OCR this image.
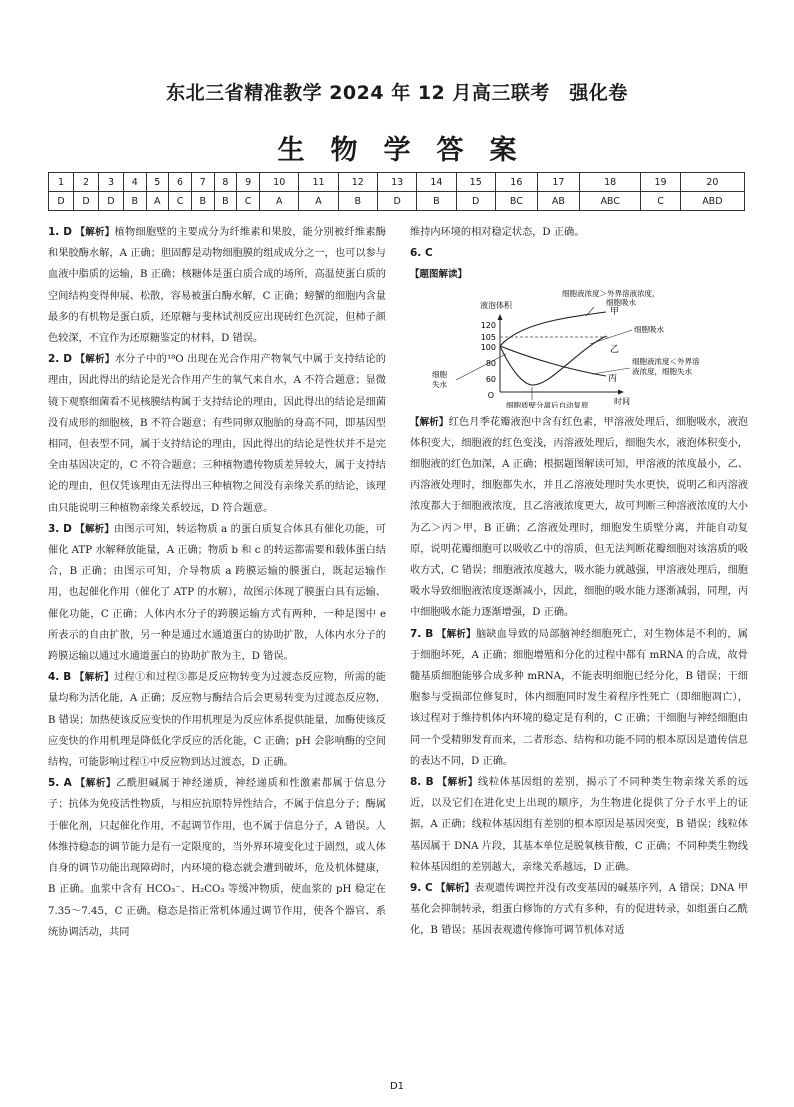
东北三省精准教学 2024 年 12 月高三联考　强化卷
生物学答案
1	2	3	4	5	6	7	8	9	10	11	12	13	14	15	16	17	18	19	20
D	D	D	B	A	C	B	B	C	A	A	B	D	B	D	BC	AB	ABC	C	ABD

1. D 【解析】植物细胞壁的主要成分为纤维素和果胶，能分别被纤维素酶和果胶酶水解，A 正确；胆固醇是动物细胞膜的组成成分之一，也可以参与血液中脂质的运输，B 正确；核糖体是蛋白质合成的场所，高温使蛋白质的空间结构变得伸展、松散，容易被蛋白酶水解，C 正确；螃蟹的细胞内含量最多的有机物是蛋白质，还原糖与斐林试剂反应出现砖红色沉淀，但柿子颜色较深，不宜作为还原糖鉴定的材料，D 错误。

2. D 【解析】水分子中的¹⁸O 出现在光合作用产物氧气中属于支持结论的理由，因此得出的结论是光合作用产生的氧气来自水，A 不符合题意；显微镜下观察细菌看不见核膜结构属于支持结论的理由，因此得出的结论是细菌没有成形的细胞核，B 不符合题意；有些同卵双胞胎的身高不同，即基因型相同，但表型不同，属于支持结论的理由，因此得出的结论是性状并不是完全由基因决定的，C 不符合题意；三种植物遗传物质差异较大，属于支持结论的理由，但仅凭该理由无法得出三种植物之间没有亲缘关系的结论，该理由只能说明三种植物亲缘关系较远，D 符合题意。

3. D 【解析】由图示可知，转运物质 a 的蛋白质复合体具有催化功能，可催化 ATP 水解释放能量，A 正确；物质 b 和 c 的转运都需要和载体蛋白结合，B 正确；由图示可知，介导物质 a 跨膜运输的膜蛋白，既起运输作用，也起催化作用（催化了 ATP 的水解），故图示体现了膜蛋白具有运输、催化功能，C 正确；人体内水分子的跨膜运输方式有两种，一种是图中 e 所表示的自由扩散，另一种是通过水通道蛋白的协助扩散，人体内水分子的跨膜运输以通过水通道蛋白的协助扩散为主，D 错误。

4. B 【解析】过程①和过程③都是反应物转变为过渡态反应物，所需的能量均称为活化能，A 正确；反应物与酶结合后会更易转变为过渡态反应物，B 错误；加热使该反应变快的作用机理是为反应体系提供能量，加酶使该反应变快的作用机理是降低化学反应的活化能，C 正确；pH 会影响酶的空间结构，可能影响过程①中反应物到达过渡态，D 正确。

5. A 【解析】乙酰胆碱属于神经递质，神经递质和性激素都属于信息分子；抗体为免疫活性物质，与相应抗原特异性结合，不属于信息分子；酶属于催化剂，只起催化作用，不起调节作用，也不属于信息分子，A 错误。人体维持稳态的调节能力是有一定限度的，当外界环境变化过于剧烈，或人体自身的调节功能出现障碍时，内环境的稳态就会遭到破坏，危及机体健康，B 正确。血浆中含有 HCO₃⁻、H₂CO₃ 等缓冲物质，使血浆的 pH 稳定在 7.35～7.45，C 正确。稳态是指正常机体通过调节作用，使各个器官、系统协调活动，共同

维持内环境的相对稳定状态，D 正确。

6. C

【题图解读】

O
液泡体积
时间
120
105
100
80
60
甲
乙
丙
细胞液浓度＞外界溶液浓度，
细胞吸水
细胞吸水
细胞液浓度＜外界溶
液浓度，细胞失水
细胞
失水
细胞质壁分离后自动复原

【解析】红色月季花瓣液泡中含有红色素，甲溶液处理后，细胞吸水，液泡体积变大，细胞液的红色变浅，丙溶液处理后，细胞失水，液泡体积变小，细胞液的红色加深，A 正确；根据题图解读可知，甲溶液的浓度最小，乙、丙溶液处理时，细胞都失水，并且乙溶液处理时失水更快，说明乙和丙溶液浓度都大于细胞液浓度，且乙溶液浓度更大，故可判断三种溶液浓度的大小为乙＞丙＞甲，B 正确；乙溶液处理时，细胞发生质壁分离，并能自动复原，说明花瓣细胞可以吸收乙中的溶质，但无法判断花瓣细胞对该溶质的吸收方式，C 错误；细胞液浓度越大，吸水能力就越强，甲溶液处理后，细胞吸水导致细胞液浓度逐渐减小，因此，细胞的吸水能力逐渐减弱，同理，丙中细胞吸水能力逐渐增强，D 正确。

7. B 【解析】脑缺血导致的局部脑神经细胞死亡，对生物体是不利的，属于细胞坏死，A 正确；细胞增殖和分化的过程中都有 mRNA 的合成，故骨髓基质细胞能够合成多种 mRNA，不能表明细胞已经分化，B 错误；干细胞参与受损部位修复时，体内细胞同时发生着程序性死亡（即细胞凋亡），该过程对于维持机体内环境的稳定是有利的，C 正确；干细胞与神经细胞由同一个受精卵发育而来，二者形态、结构和功能不同的根本原因是遗传信息的表达不同，D 正确。

8. B 【解析】线粒体基因组的差别，揭示了不同种类生物亲缘关系的远近，以及它们在进化史上出现的顺序，为生物进化提供了分子水平上的证据，A 正确；线粒体基因组有差别的根本原因是基因突变，B 错误；线粒体基因属于 DNA 片段，其基本单位是脱氧核苷酸，C 正确；不同种类生物线粒体基因组的差别越大，亲缘关系越远，D 正确。

9. C 【解析】表观遗传调控并没有改变基因的碱基序列，A 错误；DNA 甲基化会抑制转录，组蛋白修饰的方式有多种，有的促进转录，如组蛋白乙酰化，B 错误；基因表观遗传修饰可调节机体对适

D1
